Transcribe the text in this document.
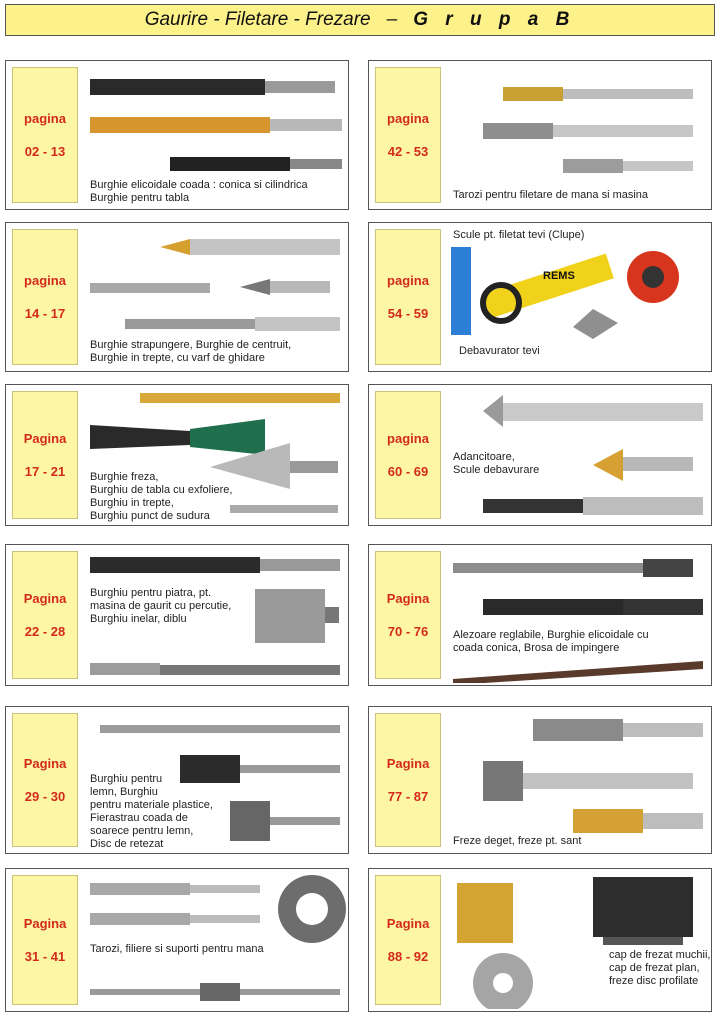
Gaurire - Filetare - Frezare – G r u p a B
pagina
02 - 13
Burghie elicoidale coada : conica si cilindrica
Burghie pentru tabla
pagina
42 - 53
Tarozi pentru filetare de mana si masina
pagina
14 - 17
Burghie strapungere, Burghie de centruit,
Burghie in trepte, cu varf de ghidare
pagina
54 - 59
Scule pt. filetat tevi (Clupe)
REMS
Debavurator tevi
Pagina
17 - 21 Burghie freza,
Burghiu de tabla cu exfoliere,
Burghiu in trepte,
Burghiu punct de sudura
pagina
60 - 69
Adancitoare,
Scule debavurare
Pagina
22 - 28
Burghiu pentru piatra, pt.
masina de gaurit cu percutie,
Burghiu inelar, diblu
Pagina
70 - 76 Alezoare reglabile, Burghie elicoidale cu
coada conica, Brosa de impingere
Pagina
29 - 30
Burghiu pentru
lemn, Burghiu
pentru materiale plastice,
Fierastrau coada de
soarece pentru lemn,
Disc de retezat
Pagina
77 - 87
Freze deget, freze pt. sant
Pagina
31 - 41 Tarozi, filiere si suporti pentru mana
Pagina
88 - 92	cap de frezat muchii,
cap de frezat plan,
freze disc profilate
